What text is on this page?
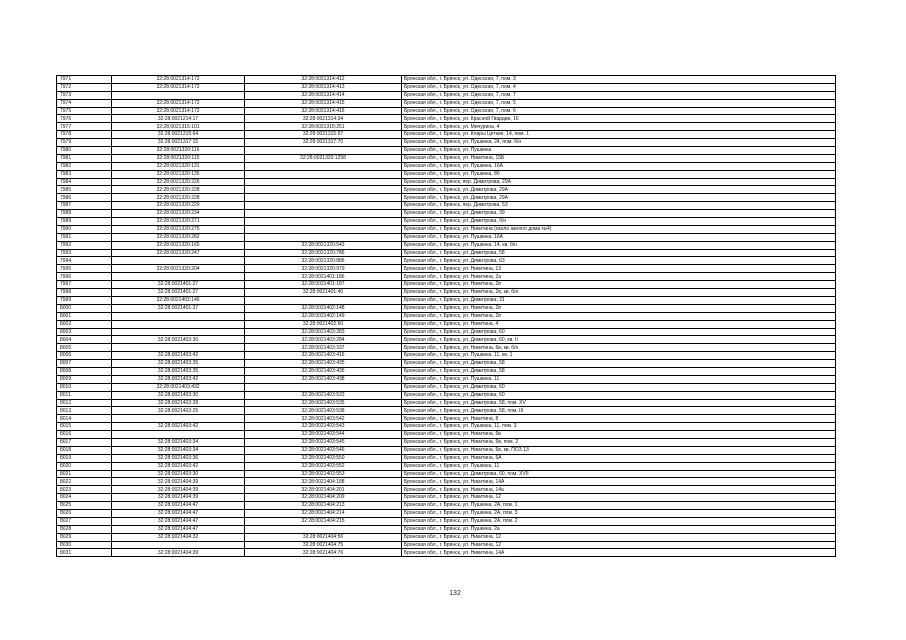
7971	32:28:0021314:172	32:28:0021314:412	Брянская обл., г. Брянск, ул. Одесская, 7, пом. 3
7972	32:28:0021314:172	32:28:0021314:413	Брянская обл., г. Брянск, ул. Одесская, 7, пом. 4
7973		32:28:0021314:414	Брянская обл., г. Брянск, ул. Одесская, 7, пом. 7
7974	32:28:0021314:172	32:28:0021314:415	Брянская обл., г. Брянск, ул. Одесская, 7, пом. 5
7975	32:28:0021314:172	32:28:0021314:416	Брянская обл., г. Брянск, ул. Одесская, 7, пом. 6
7976	32:28:0021214:17	32:28:0021314:34	Брянская обл., г. Брянск, ул. Красной Гвардии, 16
7977	32:28:0021315:101	32:28:0021315:251	Брянская обл., г. Брянск, ул. Мичурина, 4
7978	32:28:0021315:64	32:28:0021315:97	Брянская обл., г. Брянск, ул. Клары Цеткин, 14, пом. 1
7979	32:28:0021317:15	32:28:0021317:70	Брянская обл., г. Брянск, ул. Пушкина, 24, пом. б/н
7980	32:28:0021320:116		Брянская обл., г. Брянск, ул. Пушкина
7981	32:28:0021320:115	32:28:0021320:1258	Брянская обл., г. Брянск, ул. Никитина, 15Б
7982	32:28:0021320:131		Брянская обл., г. Брянск, ул. Пушкина, 16А
7983	32:28:0021320:135		Брянская обл., г. Брянск, ул. Пушкина, 8б
7984	32:28:0021320:226		Брянская обл., г. Брянск, пер. Димитрова, 29А
7985	32:28:0021320:228		Брянская обл., г. Брянск, ул. Димитрова, 29А
7986	32:28:0021320:228		Брянская обл., г. Брянск, ул. Димитрова, 29А
7987	32:28:0021320:229		Брянская обл., г. Брянск, пер. Димитрова, 53
7988	32:28:0021320:234		Брянская обл., г. Брянск, ул. Димитрова, 39
7989	32:28:0021320:271		Брянская обл., г. Брянск, ул. Димитрова, б/н
7990	32:28:0021320:275		Брянская обл., г. Брянск, ул. Никитина (около жилого дома №4)
7991	32:28:0021320:282		Брянская обл., г. Брянск, ул. Пушкина, 16А
7992	32:28:0021320:165	32:28:0021320:543	Брянская обл., г. Брянск, ул. Пушкина, 14, кв. б/н
7993	32:28:0021320:247	32:28:0021320:786	Брянская обл., г. Брянск, ул. Димитрова, 58
7994		32:28:0021320:886	Брянская обл., г. Брянск, ул. Димитрова, 63
7995	32:28:0021320:204	32:28:0021320:979	Брянская обл., г. Брянск, ул. Никитина, 13
7996		32:28:0021401:186	Брянская обл., г. Брянск, ул. Никитина, 2а
7997	32:28:0021401:27	32:28:0021401:187	Брянская обл., г. Брянск, ул. Никитина, 2в
7998	32:28:0021401:27	32:28:0021401:40	Брянская обл., г. Брянск, ул. Никитина, 2в, кв. б/н
7999	32:28:0021402:146		Брянская обл., г. Брянск, ул. Димитрова, 31
8000	32:28:0021401:37	32:28:0021402:148	Брянская обл., г. Брянск, ул. Никитина, 2в
8001		32:28:0021402:149	Брянская обл., г. Брянск, ул. Никитина, 2в
8002		32:28:0021402:60	Брянская обл., г. Брянск, ул. Никитина, 4
8003		32:28:0021403:283	Брянская обл., г. Брянск, ул. Димитрова, 60
8004	32:28:0021403:30	32:28:0021403:284	Брянская обл., г. Брянск, ул. Димитрова, 60, кв. II
8005		32:28:0021403:337	Брянская обл., г. Брянск, ул. Никитина, 6в, кв. б/н
8006	32:28:0021403:42	32:28:0021403:416	Брянская обл., г. Брянск, ул. Пушкина, 11, кв. 1
8007	32:28:0021403:35	32:28:0021403:435	Брянская обл., г. Брянск, ул. Димитрова, 58
8008	32:28:0021403:35	32:28:0021403:436	Брянская обл., г. Брянск, ул. Димитрова, 58
8009	32:28:0021403:42	32:28:0021403:438	Брянская обл., г. Брянск, ул. Пушкина, 11
8010	32:28:0021403:432		Брянская обл., г. Брянск, ул. Димитрова, 60
8011	32:28:0021403:30	32:28:0021403:533	Брянская обл., г. Брянск, ул. Димитрова, 60
8012	32:28:0021403:28	32:28:0021403:535	Брянская обл., г. Брянск, ул. Димитрова, 58, пом. XV
8013	32:28:0021403:25	32:28:0021403:538	Брянская обл., г. Брянск, ул. Димитрова, 58, пом. III
8014		32:28:0021403:542	Брянская обл., г. Брянск, ул. Никитина, 8
8015	32:28:0021403:42	32:28:0021403:543	Брянская обл., г. Брянск, ул. Пушкина, 11, пом. 3
8016		32:28:0021403:544	Брянская обл., г. Брянск, ул. Никитина, 6в
8017	32:28:0021403:34	32:28:0021403:545	Брянская обл., г. Брянск, ул. Никитина, 6в, пом. 2
8018	32:28:0021403:34	32:28:0021403:546	Брянская обл., г. Брянск, ул. Никитина, 6в, кв. ПОЗ 13
8019	32:28:0021403:36	32:28:0021403:550	Брянская обл., г. Брянск, ул. Никитина, 6А
8020	32:28:0021403:42	32:28:0021403:552	Брянская обл., г. Брянск, ул. Пушкина, 11
8021	32:28:0021403:30	32:28:0021403:553	Брянская обл., г. Брянск, ул. Димитрова, 60, пом. XVII
8022	32:28:0021404:39	32:28:0021404:188	Брянская обл., г. Брянск, ул. Никитина, 14А
8023	32:28:0021404:39	32:28:0021404:201	Брянская обл., г. Брянск, ул. Никитина, 14а
8024	32:28:0021404:39	32:28:0021404:209	Брянская обл., г. Брянск, ул. Никитина, 12
8025	32:28:0021404:47	32:28:0021404:213	Брянская обл., г. Брянск, ул. Пушкина, 2А, пом. 1
8026	32:28:0021404:47	32:28:0021404:214	Брянская обл., г. Брянск, ул. Пушкина, 2А, пом. 3
8027	32:28:0021404:47	32:28:0021404:215	Брянская обл., г. Брянск, ул. Пушкина, 2А, пом. 2
8028	32:28:0021404:47		Брянская обл., г. Брянск, ул. Пушкина, 2а
8029	32:28:0021404:32	32:28:0021404:56	Брянская обл., г. Брянск, ул. Никитина, 12
8030		32:28:0021404:75	Брянская обл., г. Брянск, ул. Никитина, 12
8031	32:28:0021404:39	32:28:0021404:76	Брянская обл., г. Брянск, ул. Никитина, 14А
132
